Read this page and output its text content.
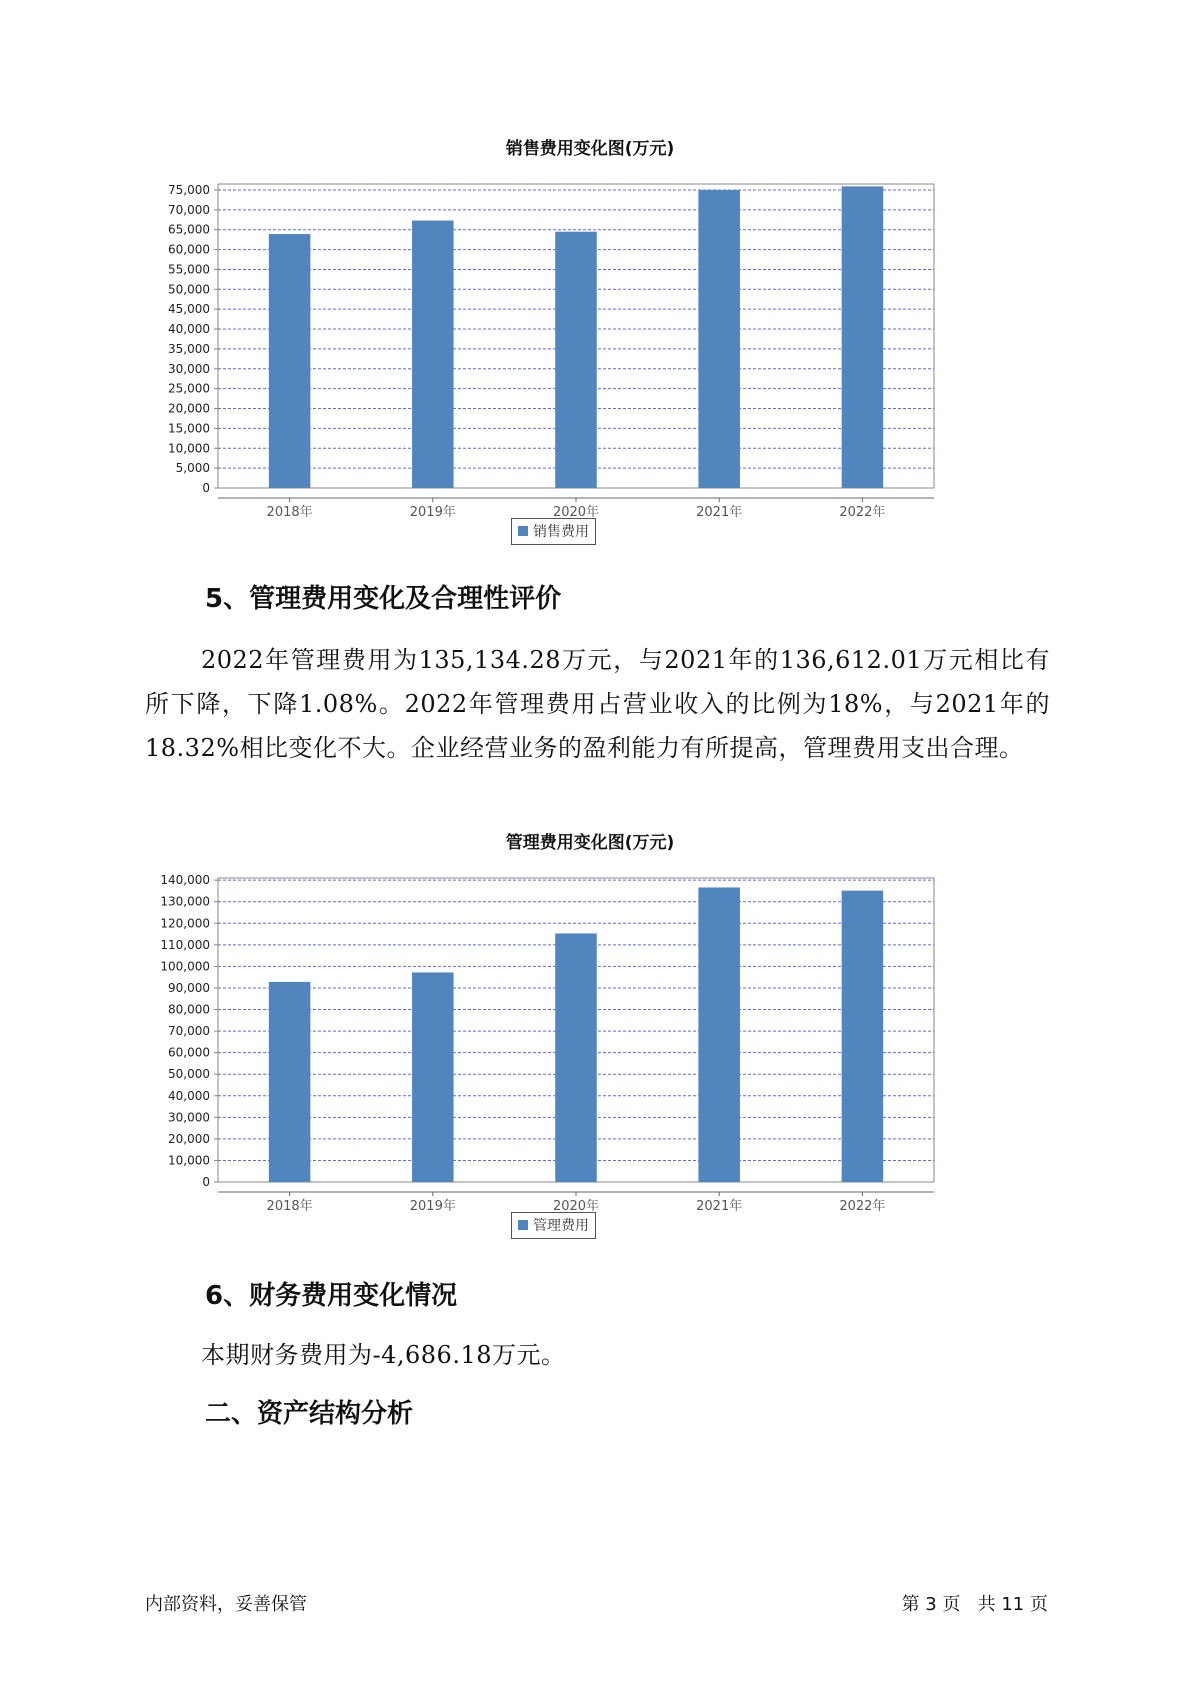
销售费用变化图(万元)
0
5,000
10,000
15,000
20,000
25,000
30,000
35,000
40,000
45,000
50,000
55,000
60,000
65,000
70,000
75,000
2018年	2019年	2020年	2021年	2022年
销售费用
5、管理费用变化及合理性评价

2022年管理费用为135,134.28万元，与2021年的136,612.01万元相比有所下降，下降1.08%。2022年管理费用占营业收入的比例为18%，与2021年的18.32%相比变化不大。企业经营业务的盈利能力有所提高，管理费用支出合理。

管理费用变化图(万元)
0
10,000
20,000
30,000
40,000
50,000
60,000
70,000
80,000
90,000
100,000
110,000
120,000
130,000
140,000
2018年	2019年	2020年	2021年	2022年
管理费用
6、财务费用变化情况

本期财务费用为-4,686.18万元。

二、资产结构分析
内部资料，妥善保管	第 3 页   共 11 页
